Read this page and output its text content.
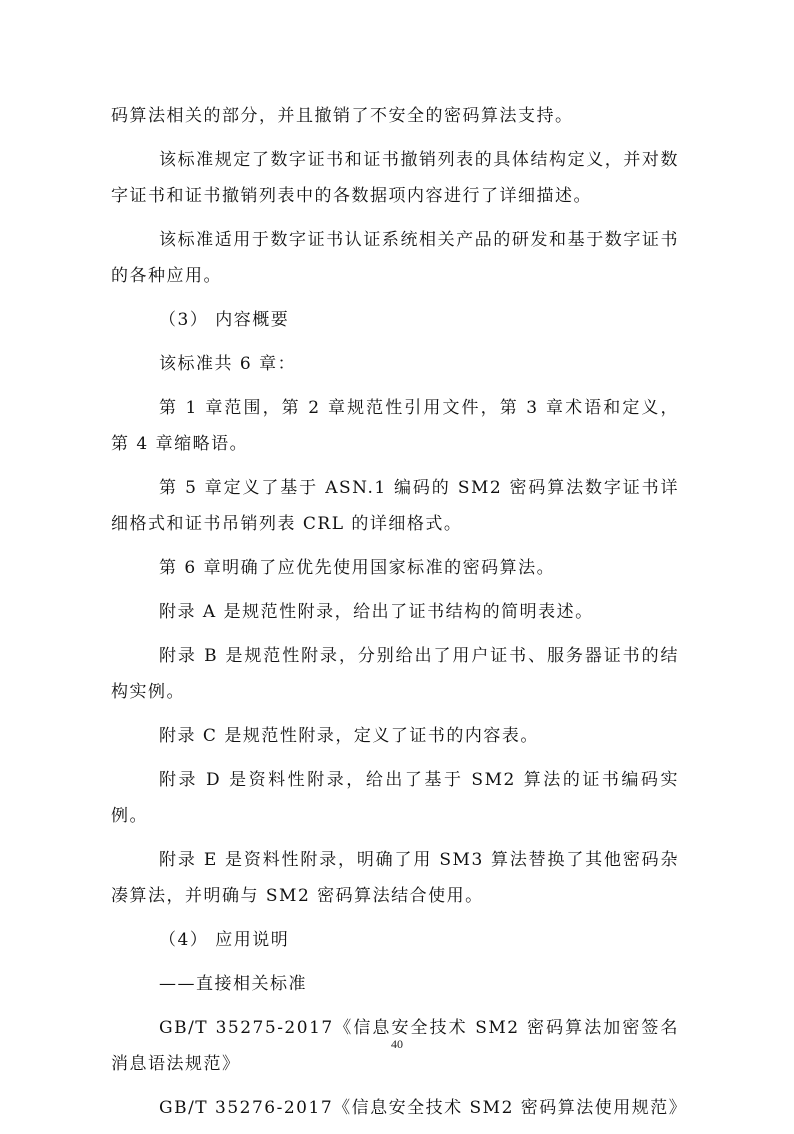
码算法相关的部分，并且撤销了不安全的密码算法支持。

该标准规定了数字证书和证书撤销列表的具体结构定义，并对数字证书和证书撤销列表中的各数据项内容进行了详细描述。

该标准适用于数字证书认证系统相关产品的研发和基于数字证书的各种应用。

（3） 内容概要

该标准共 6 章：

第 1 章范围，第 2 章规范性引用文件，第 3 章术语和定义，第 4 章缩略语。

第 5 章定义了基于 ASN.1 编码的 SM2 密码算法数字证书详细格式和证书吊销列表 CRL 的详细格式。

第 6 章明确了应优先使用国家标准的密码算法。

附录 A 是规范性附录，给出了证书结构的简明表述。

附录 B 是规范性附录，分别给出了用户证书、服务器证书的结构实例。

附录 C 是规范性附录，定义了证书的内容表。

附录 D 是资料性附录，给出了基于 SM2 算法的证书编码实例。

附录 E 是资料性附录，明确了用 SM3 算法替换了其他密码杂凑算法，并明确与 SM2 密码算法结合使用。

（4） 应用说明

——直接相关标准

GB/T 35275-2017《信息安全技术 SM2 密码算法加密签名消息语法规范》

GB/T 35276-2017《信息安全技术 SM2 密码算法使用规范》

40
